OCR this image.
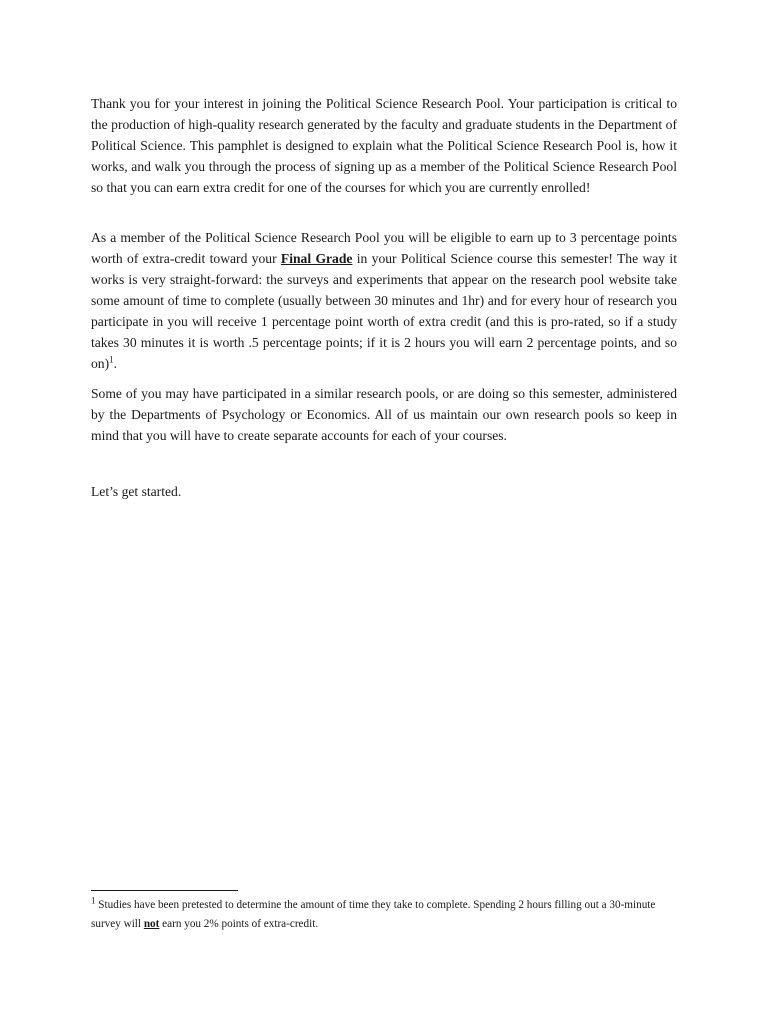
Thank you for your interest in joining the Political Science Research Pool. Your participation is critical to the production of high-quality research generated by the faculty and graduate students in the Department of Political Science. This pamphlet is designed to explain what the Political Science Research Pool is, how it works, and walk you through the process of signing up as a member of the Political Science Research Pool so that you can earn extra credit for one of the courses for which you are currently enrolled!

As a member of the Political Science Research Pool you will be eligible to earn up to 3 percentage points worth of extra-credit toward your Final Grade in your Political Science course this semester! The way it works is very straight-forward: the surveys and experiments that appear on the research pool website take some amount of time to complete (usually between 30 minutes and 1hr) and for every hour of research you participate in you will receive 1 percentage point worth of extra credit (and this is pro-rated, so if a study takes 30 minutes it is worth .5 percentage points; if it is 2 hours you will earn 2 percentage points, and so on)$^1$.

Some of you may have participated in a similar research pools, or are doing so this semester, administered by the Departments of Psychology or Economics. All of us maintain our own research pools so keep in mind that you will have to create separate accounts for each of your courses.

Let’s get started.

$^1$ Studies have been pretested to determine the amount of time they take to complete. Spending 2 hours filling out a 30-minute survey will not earn you 2% points of extra-credit.
